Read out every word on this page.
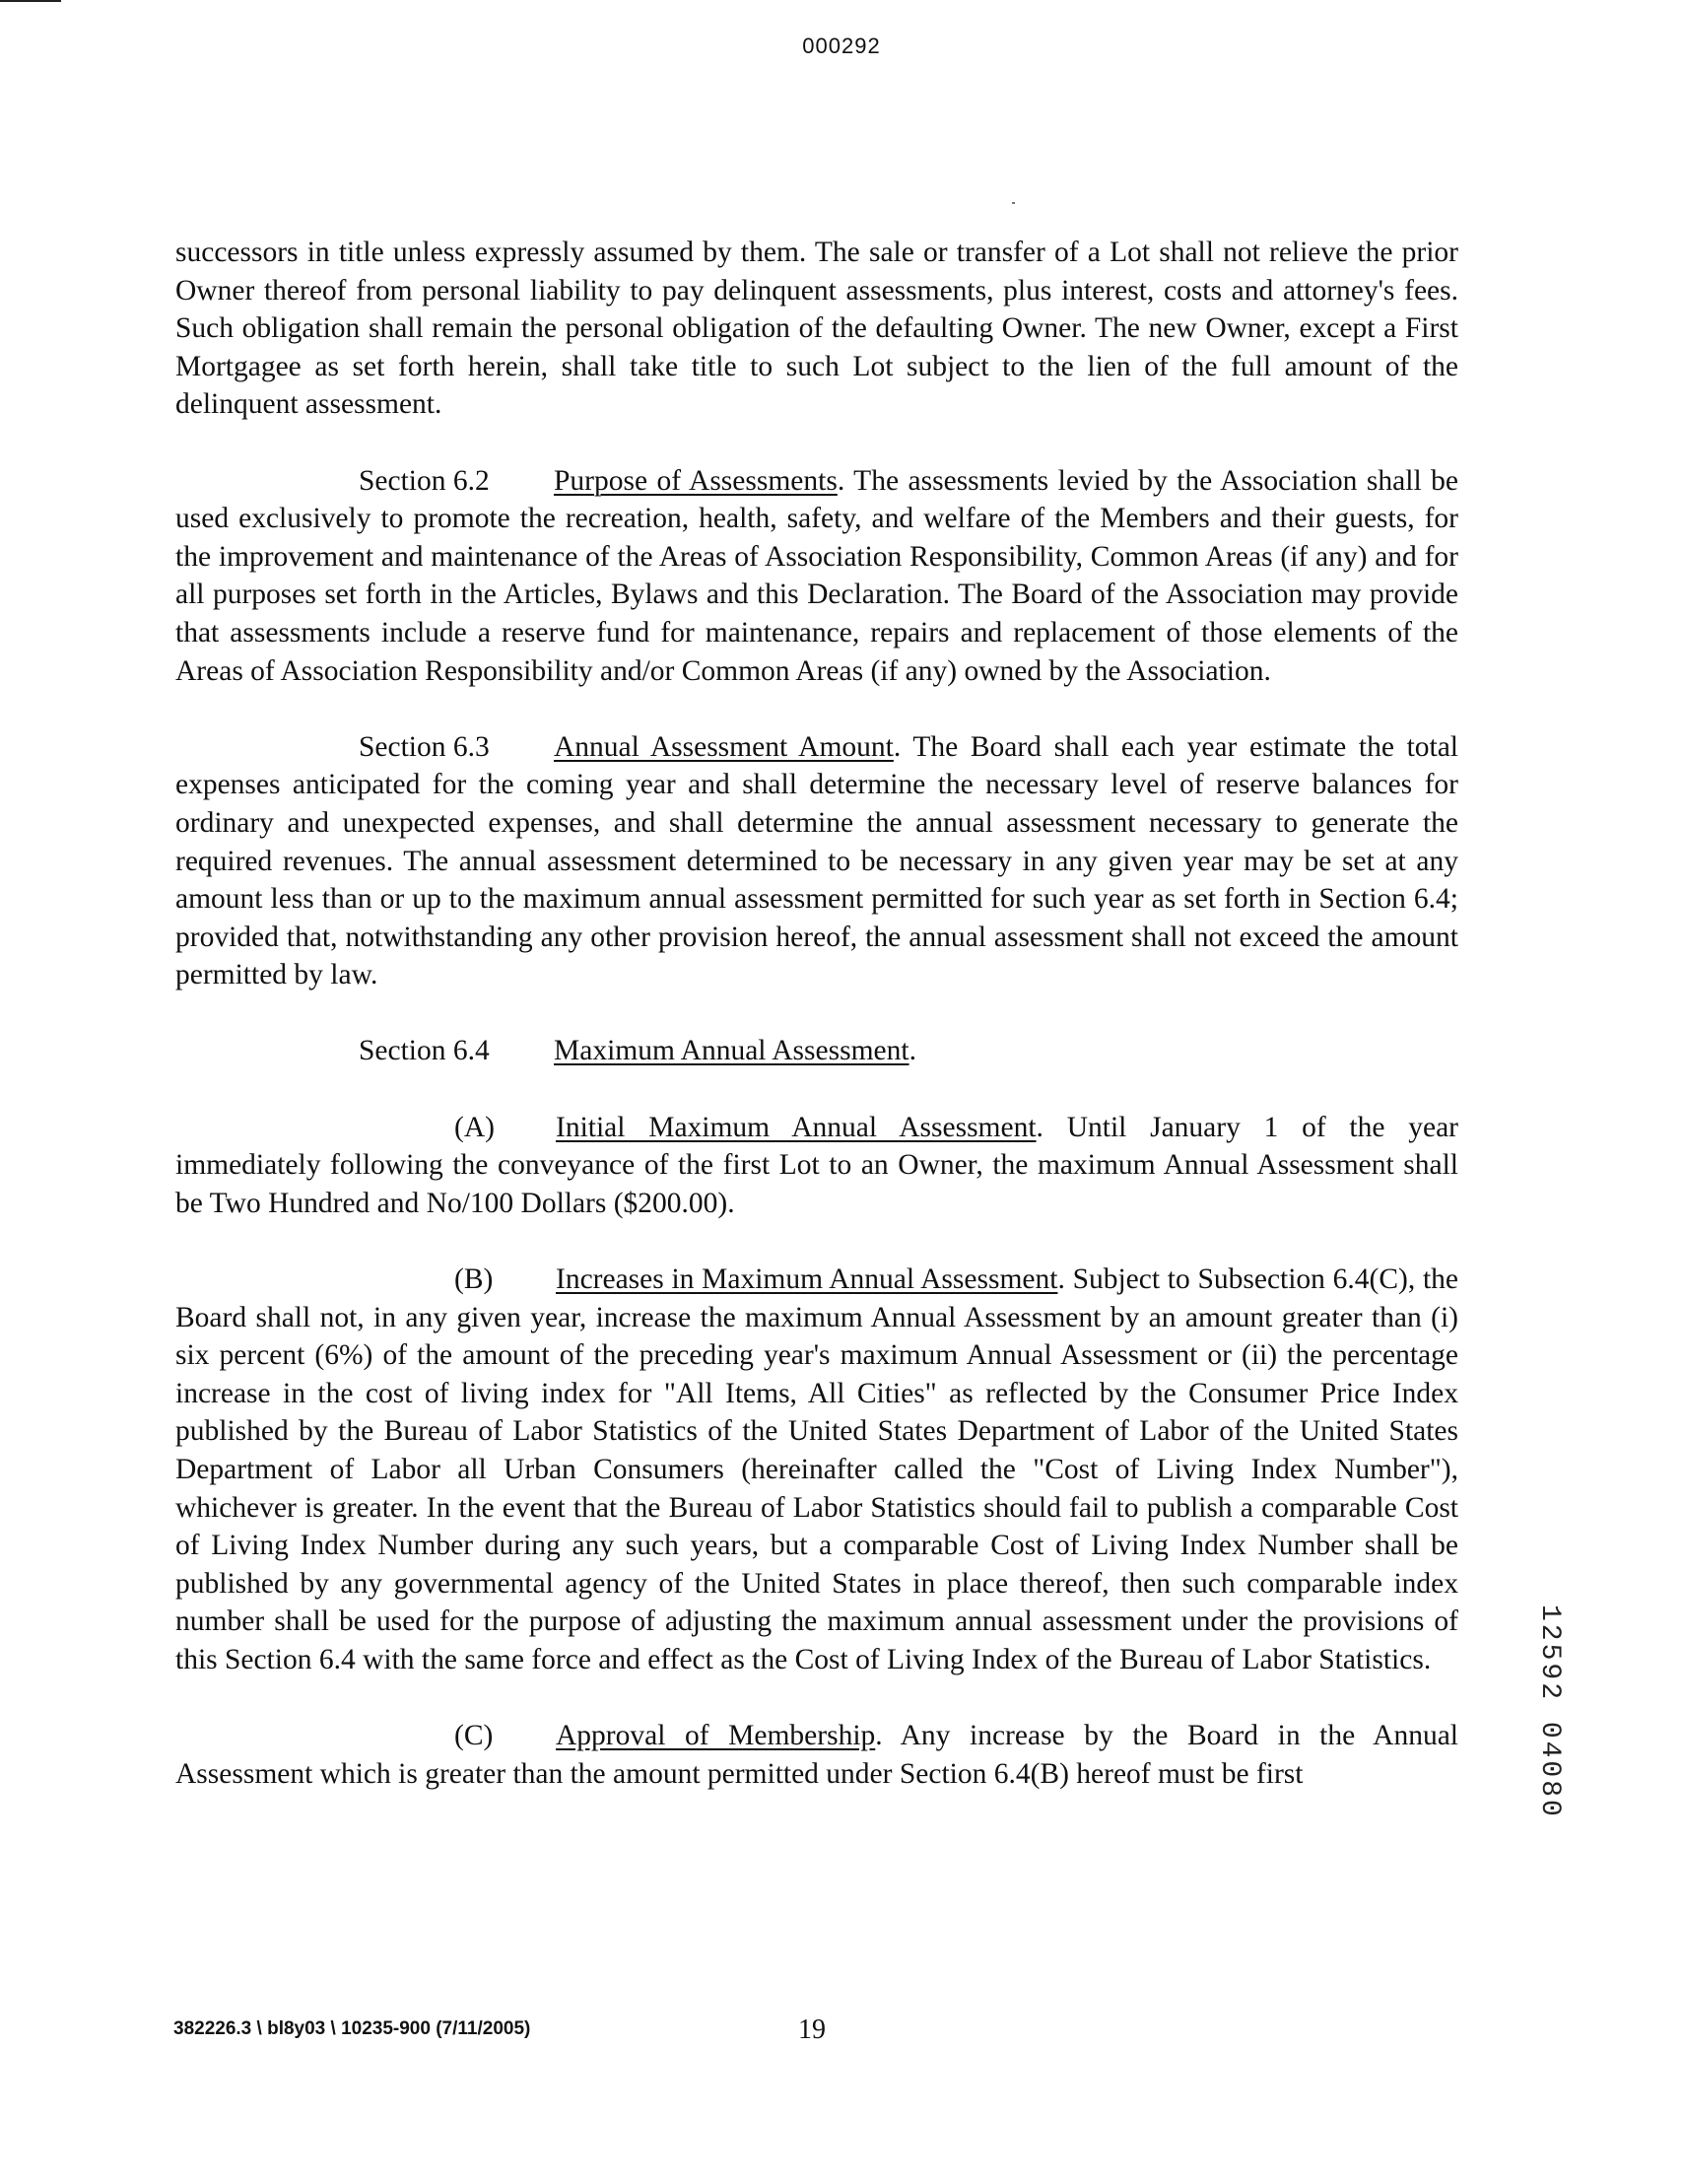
000292

successors in title unless expressly assumed by them. The sale or transfer of a Lot shall not relieve the prior Owner thereof from personal liability to pay delinquent assessments, plus interest, costs and attorney's fees. Such obligation shall remain the personal obligation of the defaulting Owner. The new Owner, except a First Mortgagee as set forth herein, shall take title to such Lot subject to the lien of the full amount of the delinquent assessment.

Section 6.2 Purpose of Assessments. The assessments levied by the Association shall be used exclusively to promote the recreation, health, safety, and welfare of the Members and their guests, for the improvement and maintenance of the Areas of Association Responsibility, Common Areas (if any) and for all purposes set forth in the Articles, Bylaws and this Declaration. The Board of the Association may provide that assessments include a reserve fund for maintenance, repairs and replacement of those elements of the Areas of Association Responsibility and/or Common Areas (if any) owned by the Association.

Section 6.3 Annual Assessment Amount. The Board shall each year estimate the total expenses anticipated for the coming year and shall determine the necessary level of reserve balances for ordinary and unexpected expenses, and shall determine the annual assessment necessary to generate the required revenues. The annual assessment determined to be necessary in any given year may be set at any amount less than or up to the maximum annual assessment permitted for such year as set forth in Section 6.4; provided that, notwithstanding any other provision hereof, the annual assessment shall not exceed the amount permitted by law.

Section 6.4 Maximum Annual Assessment.

(A) Initial Maximum Annual Assessment. Until January 1 of the year immediately following the conveyance of the first Lot to an Owner, the maximum Annual Assessment shall be Two Hundred and No/100 Dollars ($200.00).

(B) Increases in Maximum Annual Assessment. Subject to Subsection 6.4(C), the Board shall not, in any given year, increase the maximum Annual Assessment by an amount greater than (i) six percent (6%) of the amount of the preceding year's maximum Annual Assessment or (ii) the percentage increase in the cost of living index for "All Items, All Cities" as reflected by the Consumer Price Index published by the Bureau of Labor Statistics of the United States Department of Labor of the United States Department of Labor all Urban Consumers (hereinafter called the "Cost of Living Index Number"), whichever is greater. In the event that the Bureau of Labor Statistics should fail to publish a comparable Cost of Living Index Number during any such years, but a comparable Cost of Living Index Number shall be published by any governmental agency of the United States in place thereof, then such comparable index number shall be used for the purpose of adjusting the maximum annual assessment under the provisions of this Section 6.4 with the same force and effect as the Cost of Living Index of the Bureau of Labor Statistics.

(C) Approval of Membership. Any increase by the Board in the Annual Assessment which is greater than the amount permitted under Section 6.4(B) hereof must be first

382226.3 \ bl8y03 \ 10235-900 (7/11/2005)	19
12592 04080
